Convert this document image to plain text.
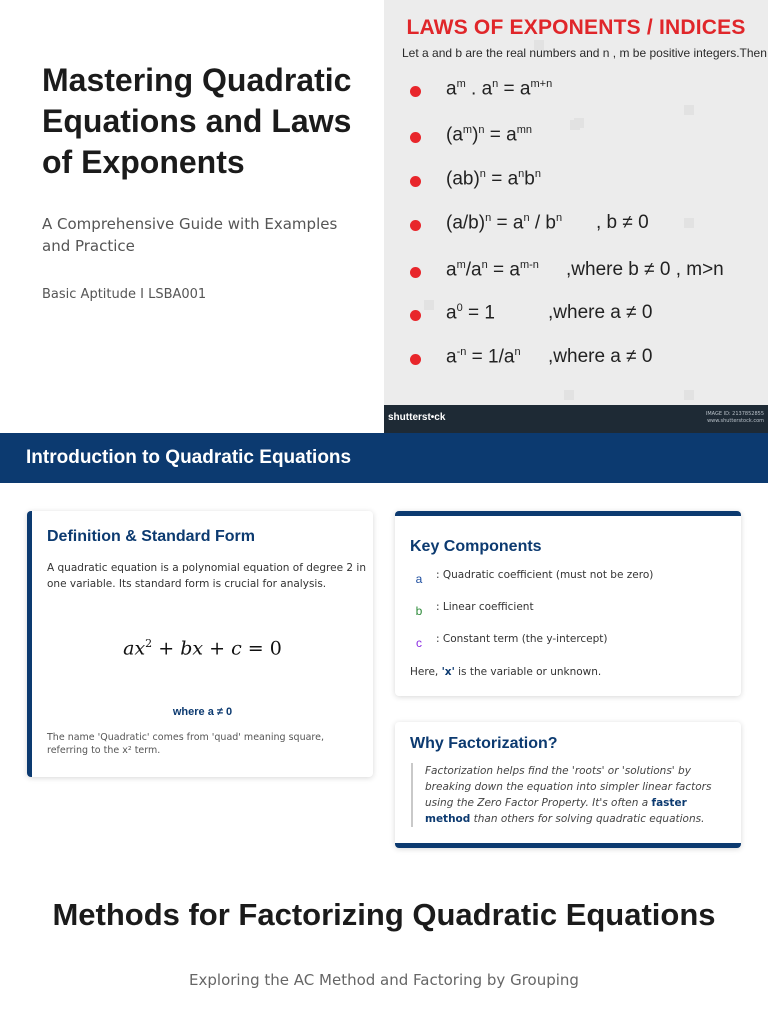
Mastering Quadratic Equations and Laws of Exponents
A Comprehensive Guide with Examples and Practice
Basic Aptitude I LSBA001
LAWS OF EXPONENTS / INDICES
Let a and b are the real numbers and n , m be positive integers.Then
$a^m$ . $a^n = a^{m+n}$
$(a^m)^n = a^{mn}$
$(ab)^n = a^nb^n$
$(a/b)^n = a^n / b^n$ , b ≠ 0
$a^m/a^n = a^{m-n}$ ,where b ≠ 0 , m>n
$a^0 = 1$	,where a ≠ 0
$a^{-n} = 1/a^n$ ,where a ≠ 0
shutterst•ck	IMAGE ID: 2137852855
www.shutterstock.com
Introduction to Quadratic Equations
Definition & Standard Form
A quadratic equation is a polynomial equation of degree 2 in one variable. Its standard form is crucial for analysis.
$ax^2$ + bx + c = 0
where a ≠ 0
The name 'Quadratic' comes from 'quad' meaning square, referring to the x² term.
Key Components
a : Quadratic coefficient (must not be zero)
b : Linear coefficient
c : Constant term (the y-intercept)
Here, 'x' is the variable or unknown.
Why Factorization?
Factorization helps find the 'roots' or 'solutions' by breaking down the equation into simpler linear factors using the Zero Factor Property. It's often a faster method than others for solving quadratic equations.
Methods for Factorizing Quadratic Equations
Exploring the AC Method and Factoring by Grouping
